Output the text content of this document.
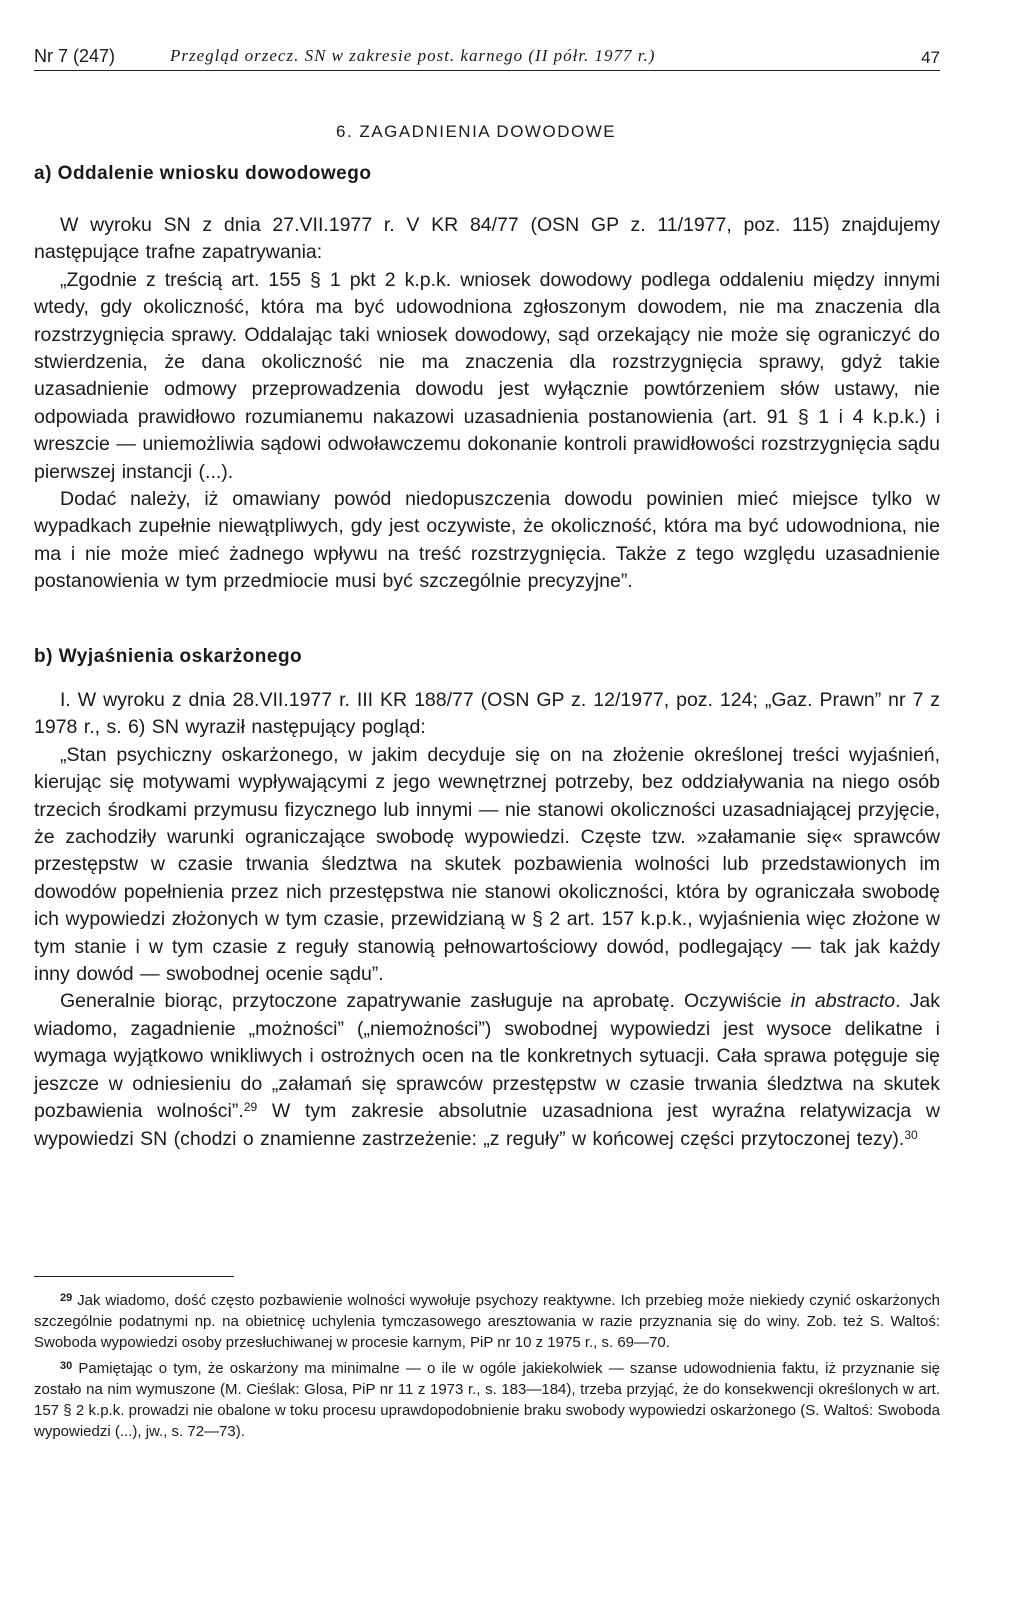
Nr 7 (247)	Przegląd orzecz. SN w zakresie post. karnego (II półr. 1977 r.)	47
6. ZAGADNIENIA DOWODOWE
a) Oddalenie wniosku dowodowego

W wyroku SN z dnia 27.VII.1977 r. V KR 84/77 (OSN GP z. 11/1977, poz. 115) znajdujemy następujące trafne zapatrywania:

„Zgodnie z treścią art. 155 § 1 pkt 2 k.p.k. wniosek dowodowy podlega oddaleniu między innymi wtedy, gdy okoliczność, która ma być udowodniona zgłoszonym dowodem, nie ma znaczenia dla rozstrzygnięcia sprawy. Oddalając taki wniosek dowodowy, sąd orzekający nie może się ograniczyć do stwierdzenia, że dana okoliczność nie ma znaczenia dla rozstrzygnięcia sprawy, gdyż takie uzasadnienie odmowy przeprowadzenia dowodu jest wyłącznie powtórzeniem słów ustawy, nie odpowiada prawidłowo rozumianemu nakazowi uzasadnienia postanowienia (art. 91 § 1 i 4 k.p.k.) i wreszcie — uniemożliwia sądowi odwoławczemu dokonanie kontroli prawidłowości rozstrzygnięcia sądu pierwszej instancji (...).

Dodać należy, iż omawiany powód niedopuszczenia dowodu powinien mieć miejsce tylko w wypadkach zupełnie niewątpliwych, gdy jest oczywiste, że okoliczność, która ma być udowodniona, nie ma i nie może mieć żadnego wpływu na treść rozstrzygnięcia. Także z tego względu uzasadnienie postanowienia w tym przedmiocie musi być szczególnie precyzyjne”.

b) Wyjaśnienia oskarżonego

I. W wyroku z dnia 28.VII.1977 r. III KR 188/77 (OSN GP z. 12/1977, poz. 124; „Gaz. Prawn” nr 7 z 1978 r., s. 6) SN wyraził następujący pogląd:

„Stan psychiczny oskarżonego, w jakim decyduje się on na złożenie określonej treści wyjaśnień, kierując się motywami wypływającymi z jego wewnętrznej potrzeby, bez oddziaływania na niego osób trzecich środkami przymusu fizycznego lub innymi — nie stanowi okoliczności uzasadniającej przyjęcie, że zachodziły warunki ograniczające swobodę wypowiedzi. Częste tzw. »załamanie się« sprawców przestępstw w czasie trwania śledztwa na skutek pozbawienia wolności lub przedstawionych im dowodów popełnienia przez nich przestępstwa nie stanowi okoliczności, która by ograniczała swobodę ich wypowiedzi złożonych w tym czasie, przewidzianą w § 2 art. 157 k.p.k., wyjaśnienia więc złożone w tym stanie i w tym czasie z reguły stanowią pełnowartościowy dowód, podlegający — tak jak każdy inny dowód — swobodnej ocenie sądu”.

Generalnie biorąc, przytoczone zapatrywanie zasługuje na aprobatę. Oczywiście in abstracto. Jak wiadomo, zagadnienie „możności” („niemożności”) swobodnej wypowiedzi jest wysoce delikatne i wymaga wyjątkowo wnikliwych i ostrożnych ocen na tle konkretnych sytuacji. Cała sprawa potęguje się jeszcze w odniesieniu do „załamań się sprawców przestępstw w czasie trwania śledztwa na skutek pozbawienia wolności”.$^{29}$ W tym zakresie absolutnie uzasadniona jest wyraźna relatywizacja w wypowiedzi SN (chodzi o znamienne zastrzeżenie: „z reguły” w końcowej części przytoczonej tezy).$^{30}$

$^{29}$ Jak wiadomo, dość często pozbawienie wolności wywołuje psychozy reaktywne. Ich przebieg może niekiedy czynić oskarżonych szczególnie podatnymi np. na obietnicę uchylenia tymczasowego aresztowania w razie przyznania się do winy. Zob. też S. Waltoś: Swoboda wypowiedzi osoby przesłuchiwanej w procesie karnym, PiP nr 10 z 1975 r., s. 69—70.

$^{30}$ Pamiętając o tym, że oskarżony ma minimalne — o ile w ogóle jakiekolwiek — szanse udowodnienia faktu, iż przyznanie się zostało na nim wymuszone (M. Cieślak: Glosa, PiP nr 11 z 1973 r., s. 183—184), trzeba przyjąć, że do konsekwencji określonych w art. 157 § 2 k.p.k. prowadzi nie obalone w toku procesu uprawdopodobnienie braku swobody wypowiedzi oskarżonego (S. Waltoś: Swoboda wypowiedzi (...), jw., s. 72—73).
